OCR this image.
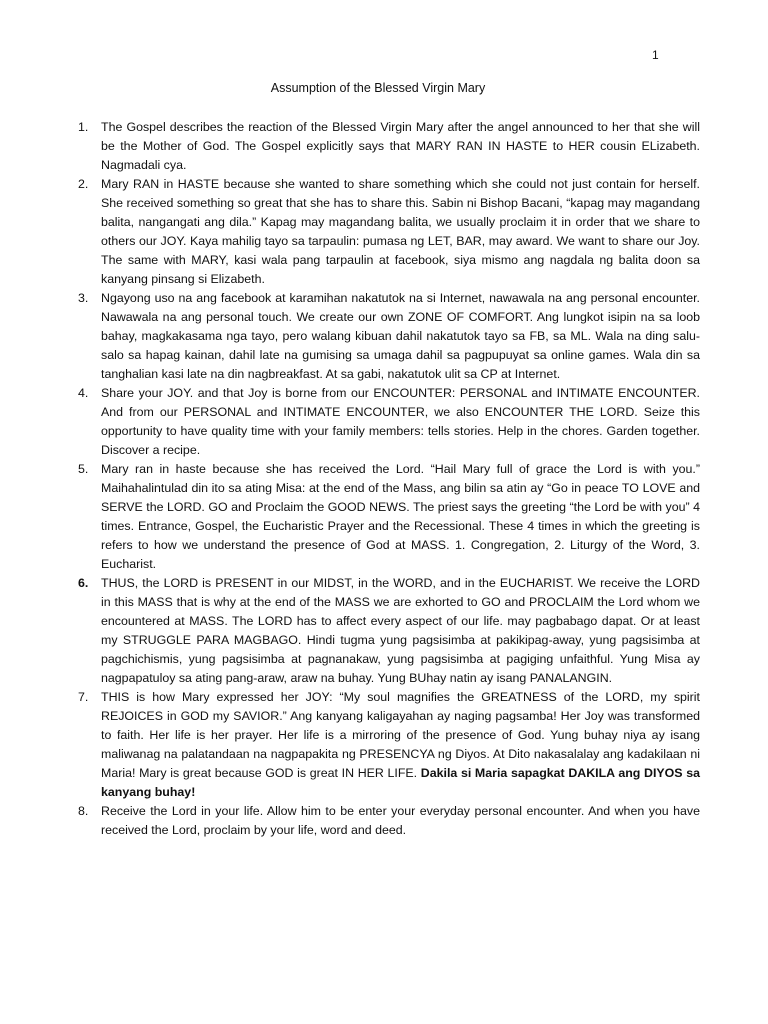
1
Assumption of the Blessed Virgin Mary
1. The Gospel describes the reaction of the Blessed Virgin Mary after the angel announced to her that she will be the Mother of God. The Gospel explicitly says that MARY RAN IN HASTE to HER cousin ELizabeth. Nagmadali cya.
2. Mary RAN in HASTE because she wanted to share something which she could not just contain for herself. She received something so great that she has to share this. Sabin ni Bishop Bacani, “kapag may magandang balita, nangangati ang dila.” Kapag may magandang balita, we usually proclaim it in order that we share to others our JOY. Kaya mahilig tayo sa tarpaulin: pumasa ng LET, BAR, may award. We want to share our Joy. The same with MARY, kasi wala pang tarpaulin at facebook, siya mismo ang nagdala ng balita doon sa kanyang pinsang si Elizabeth.
3. Ngayong uso na ang facebook at karamihan nakatutok na si Internet, nawawala na ang personal encounter. Nawawala na ang personal touch. We create our own ZONE OF COMFORT. Ang lungkot isipin na sa loob bahay, magkakasama nga tayo, pero walang kibuan dahil nakatutok tayo sa FB, sa ML. Wala na ding salu-salo sa hapag kainan, dahil late na gumising sa umaga dahil sa pagpupuyat sa online games. Wala din sa tanghalian kasi late na din nagbreakfast. At sa gabi, nakatutok ulit sa CP at Internet.
4. Share your JOY. and that Joy is borne from our ENCOUNTER: PERSONAL and INTIMATE ENCOUNTER. And from our PERSONAL and INTIMATE ENCOUNTER, we also ENCOUNTER THE LORD. Seize this opportunity to have quality time with your family members: tells stories. Help in the chores. Garden together. Discover a recipe.
5. Mary ran in haste because she has received the Lord. “Hail Mary full of grace the Lord is with you.” Maihahalintulad din ito sa ating Misa: at the end of the Mass, ang bilin sa atin ay “Go in peace TO LOVE and SERVE the LORD. GO and Proclaim the GOOD NEWS. The priest says the greeting “the Lord be with you” 4 times. Entrance, Gospel, the Eucharistic Prayer and the Recessional. These 4 times in which the greeting is refers to how we understand the presence of God at MASS. 1. Congregation, 2. Liturgy of the Word, 3. Eucharist.
6. THUS, the LORD is PRESENT in our MIDST, in the WORD, and in the EUCHARIST. We receive the LORD in this MASS that is why at the end of the MASS we are exhorted to GO and PROCLAIM the Lord whom we encountered at MASS. The LORD has to affect every aspect of our life. may pagbabago dapat. Or at least my STRUGGLE PARA MAGBAGO. Hindi tugma yung pagsisimba at pakikipag-away, yung pagsisimba at pagchichismis, yung pagsisimba at pagnanakaw, yung pagsisimba at pagiging unfaithful. Yung Misa ay nagpapatuloy sa ating pang-araw, araw na buhay. Yung BUhay natin ay isang PANALANGIN.
7. THIS is how Mary expressed her JOY: “My soul magnifies the GREATNESS of the LORD, my spirit REJOICES in GOD my SAVIOR.” Ang kanyang kaligayahan ay naging pagsamba! Her Joy was transformed to faith. Her life is her prayer. Her life is a mirroring of the presence of God. Yung buhay niya ay isang maliwanag na palatandaan na nagpapakita ng PRESENCYA ng Diyos. At Dito nakasalalay ang kadakilaan ni Maria! Mary is great because GOD is great IN HER LIFE. Dakila si Maria sapagkat DAKILA ang DIYOS sa kanyang buhay!
8. Receive the Lord in your life. Allow him to be enter your everyday personal encounter. And when you have received the Lord, proclaim by your life, word and deed.
